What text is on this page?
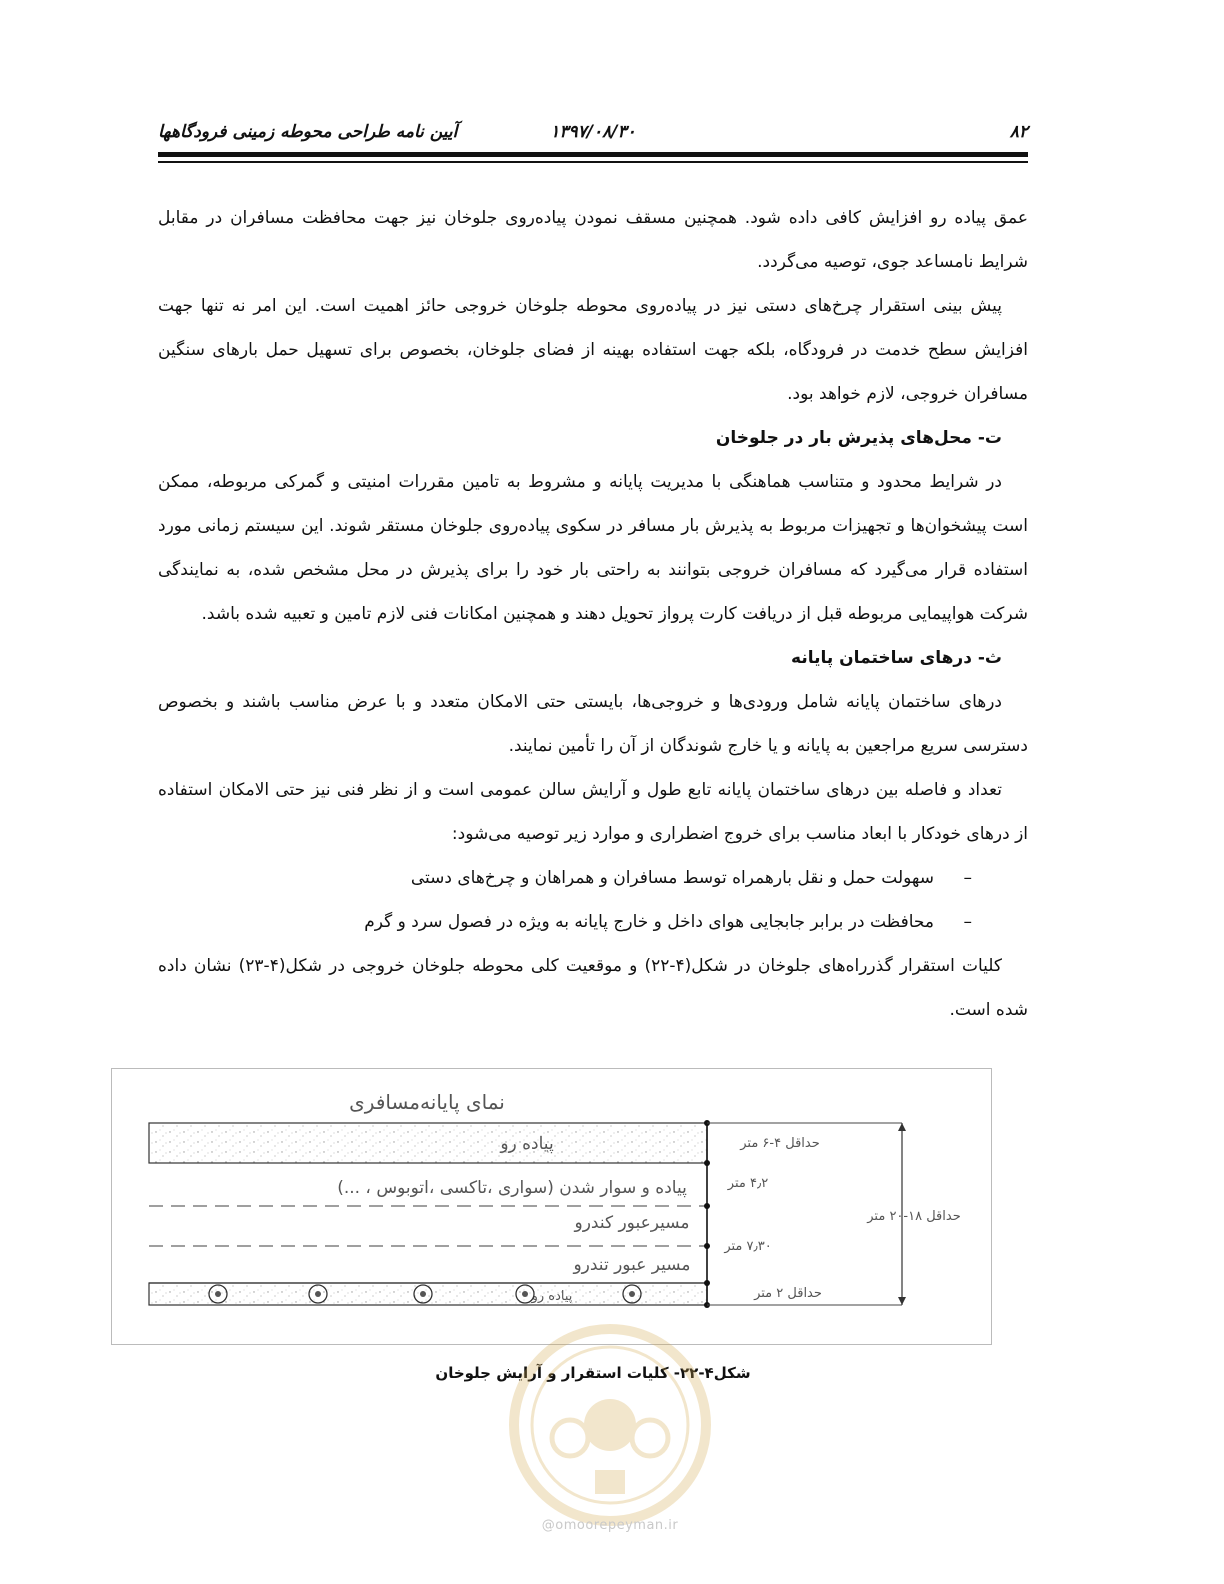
۸۲
۱۳۹۷/۰۸/۳۰
آیین نامه طراحی محوطه زمینی فرودگاهها

عمق پیاده رو افزایش کافی داده شود. همچنین مسقف نمودن پیاده‌روی جلوخان نیز جهت محافظت مسافران در مقابل شرایط نامساعد جوی، توصیه می‌گردد.

پیش بینی استقرار چرخ‌های دستی نیز در پیاده‌روی محوطه جلوخان خروجی حائز اهمیت است. این امر نه تنها جهت افزایش سطح خدمت در فرودگاه، بلکه جهت استفاده بهینه از فضای جلوخان، بخصوص برای تسهیل حمل بارهای سنگین مسافران خروجی، لازم خواهد بود.

ت- محل‌های پذیرش بار در جلوخان

در شرایط محدود و متناسب هماهنگی با مدیریت پایانه و مشروط به تامین مقررات امنیتی و گمرکی مربوطه، ممکن است پیشخوان‌ها و تجهیزات مربوط به پذیرش بار مسافر در سکوی پیاده‌روی جلوخان مستقر شوند. این سیستم زمانی مورد استفاده قرار می‌گیرد که مسافران خروجی بتوانند به راحتی بار خود را برای پذیرش در محل مشخص شده، به نمایندگی شرکت هواپیمایی مربوطه قبل از دریافت کارت پرواز تحویل دهند و همچنین امکانات فنی لازم تامین و تعبیه شده باشد.

ث- درهای ساختمان پایانه

درهای ساختمان پایانه شامل ورودی‌ها و خروجی‌ها، بایستی حتی الامکان متعدد و با عرض مناسب باشند و بخصوص دسترسی سریع مراجعین به پایانه و یا خارج شوندگان از آن را تأمین نمایند.

تعداد و فاصله بین درهای ساختمان پایانه تابع طول و آرایش سالن عمومی است و از نظر فنی نیز حتی الامکان استفاده از درهای خودکار با ابعاد مناسب برای خروج اضطراری و موارد زیر توصیه می‌شود:

–سهولت حمل و نقل بارهمراه توسط مسافران و همراهان و چرخ‌های دستی
–محافظت در برابر جابجایی هوای داخل و خارج پایانه به ویژه در فصول سرد و گرم

کلیات استقرار گذرراه‌های جلوخان در شکل(۴-۲۲) و موقعیت کلی محوطه جلوخان خروجی در شکل(۴-۲۳) نشان داده شده است.

نمای پایانه‌مسافری
پیاده رو
پیاده و سوار شدن (سواری ،تاکسی ،اتوبوس ، ...)
مسیرعبور کندرو
مسیر عبور تندرو
پیاده رو
حداقل ۴-۶ متر
۴٫۲ متر
۷٫۳۰ متر
حداقل ۲ متر
حداقل ۱۸-۲۰ متر
شکل۴-۲۲- کلیات استقرار و آرایش جلوخان
@omoorepeyman.ir
